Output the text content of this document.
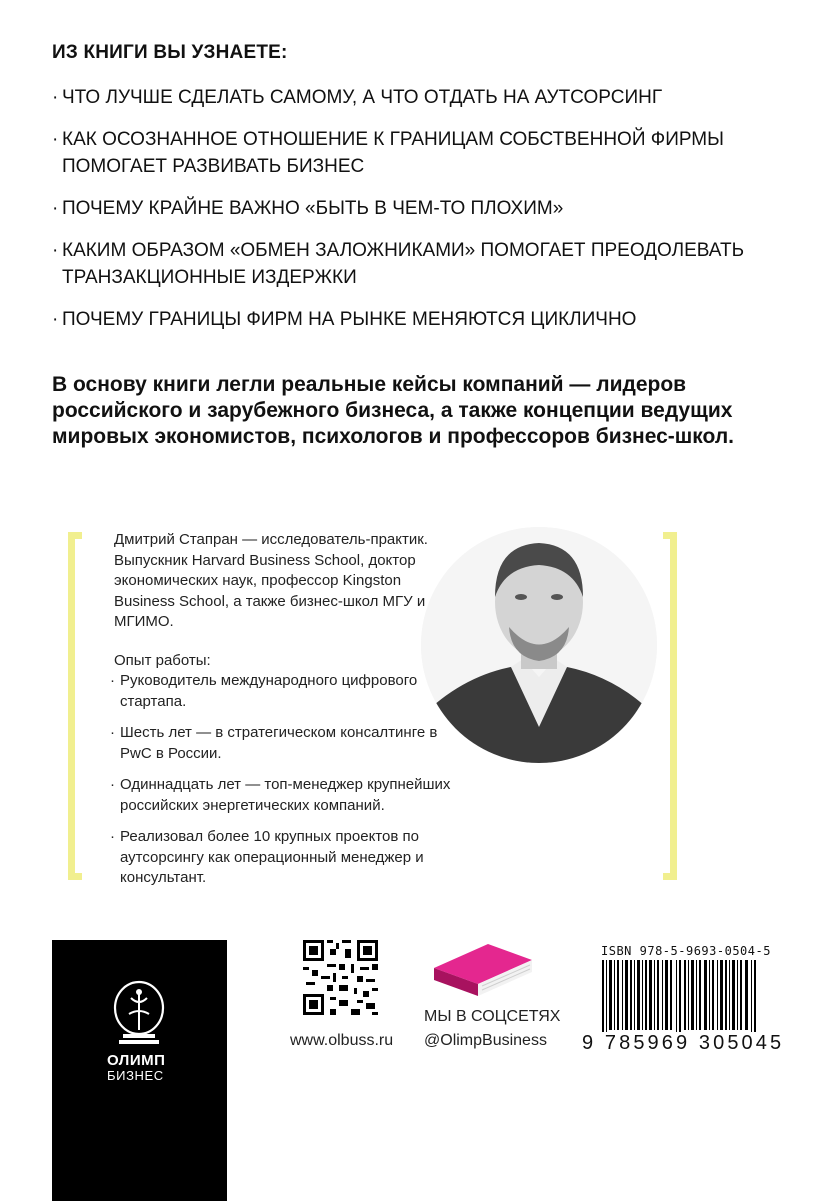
ИЗ КНИГИ ВЫ УЗНАЕТЕ:
· ЧТО ЛУЧШЕ СДЕЛАТЬ САМОМУ, А ЧТО ОТДАТЬ НА АУТСОРСИНГ
· КАК ОСОЗНАННОЕ ОТНОШЕНИЕ К ГРАНИЦАМ СОБСТВЕННОЙ ФИРМЫ ПОМОГАЕТ РАЗВИВАТЬ БИЗНЕС
· ПОЧЕМУ КРАЙНЕ ВАЖНО «БЫТЬ В ЧЕМ-ТО ПЛОХИМ»
· КАКИМ ОБРАЗОМ «ОБМЕН ЗАЛОЖНИКАМИ» ПОМОГАЕТ ПРЕОДОЛЕВАТЬ ТРАНЗАКЦИОННЫЕ ИЗДЕРЖКИ
· ПОЧЕМУ ГРАНИЦЫ ФИРМ НА РЫНКЕ МЕНЯЮТСЯ ЦИКЛИЧНО
В основу книги легли реальные кейсы компаний — лидеров российского и зарубежного бизнеса, а также концепции ведущих мировых экономистов, психологов и профессоров бизнес-школ.

Дмитрий Стапран — исследователь-практик. Выпускник Harvard Business School, доктор экономических наук, профессор Kingston Business School, а также бизнес-школ МГУ и МГИМО.

Опыт работы:
· Руководитель международного цифрового стартапа.
· Шесть лет — в стратегическом консалтинге в PwC в России.
· Одиннадцать лет — топ-менеджер крупнейших российских энергетических компаний.
· Реализовал более 10 крупных проектов по аутсорсингу как операционный менеджер и консультант.
ОЛИМП
БИЗНЕС
www.olbuss.ru
МЫ В СОЦСЕТЯХ
@OlimpBusiness
ISBN 978-5-9693-0504-5
9 785969 305045
